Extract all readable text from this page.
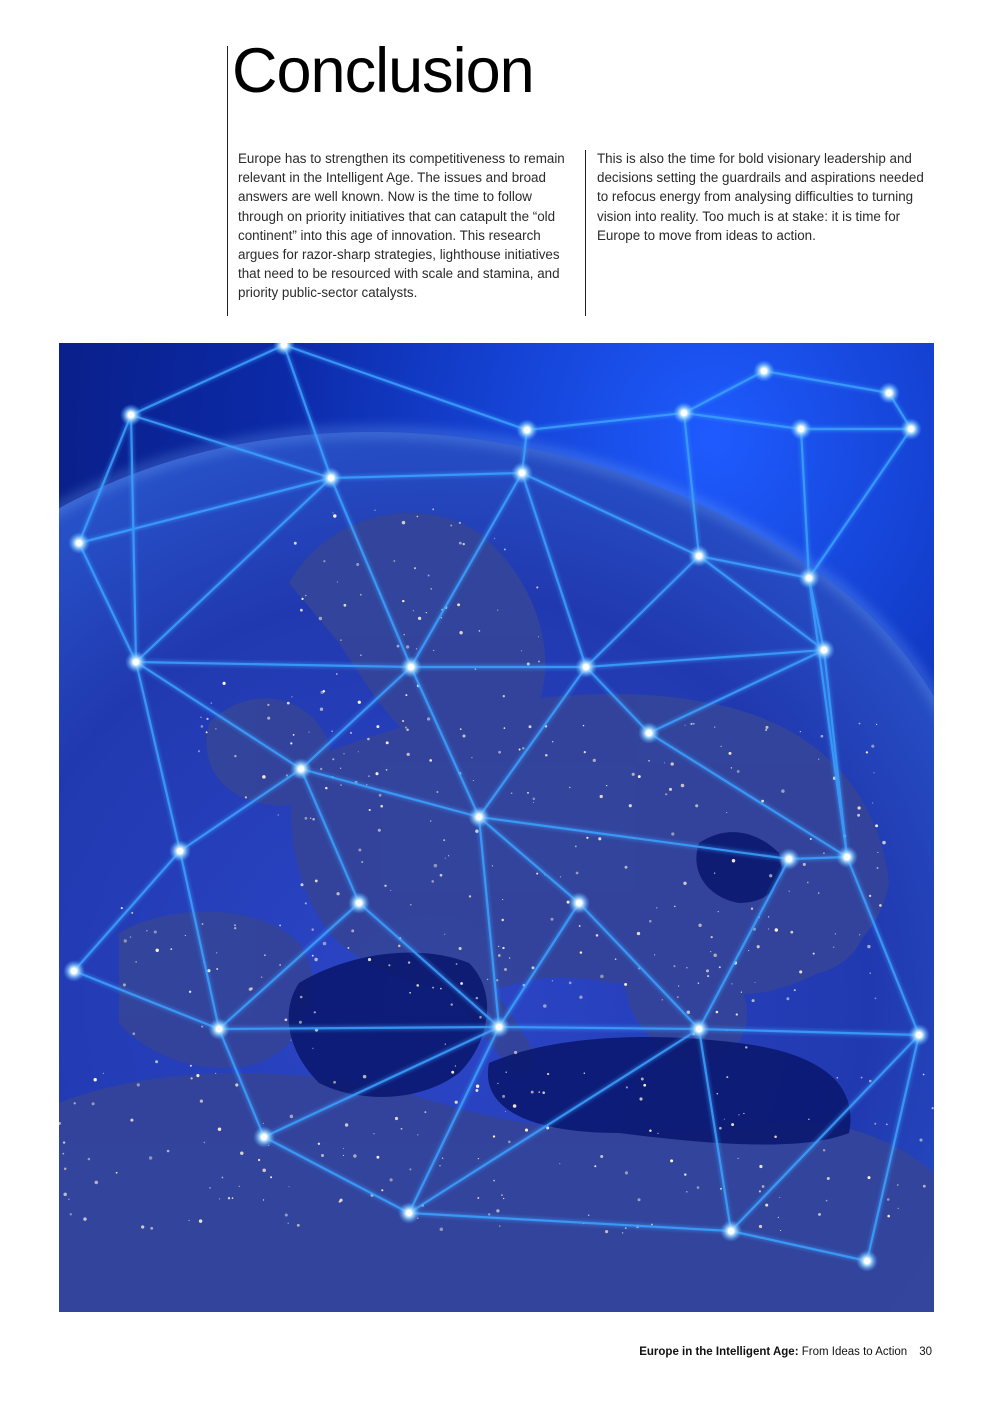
Conclusion

Europe has to strengthen its competitiveness to remain relevant in the Intelligent Age. The issues and broad answers are well known. Now is the time to follow through on priority initiatives that can catapult the “old continent” into this age of innovation. This research argues for razor-sharp strategies, lighthouse initiatives that need to be resourced with scale and stamina, and priority public-sector catalysts.

This is also the time for bold visionary leadership and decisions setting the guardrails and aspirations needed to refocus energy from analysing difficulties to turning vision into reality. Too much is at stake: it is time for Europe to move from ideas to action.

Europe in the Intelligent Age: From Ideas to Action 30
